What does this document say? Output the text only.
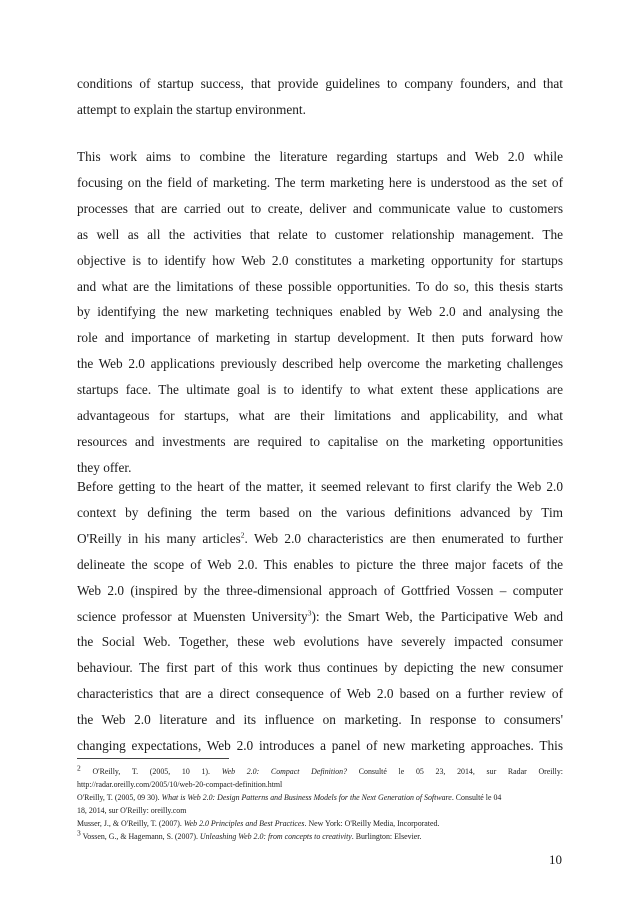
conditions of startup success, that provide guidelines to company founders, and that
attempt to explain the startup environment.
This work aims to combine the literature regarding startups and Web 2.0 while
focusing on the field of marketing. The term marketing here is understood as the set of
processes that are carried out to create, deliver and communicate value to customers
as well as all the activities that relate to customer relationship management. The
objective is to identify how Web 2.0 constitutes a marketing opportunity for startups
and what are the limitations of these possible opportunities. To do so, this thesis starts
by identifying the new marketing techniques enabled by Web 2.0 and analysing the
role and importance of marketing in startup development. It then puts forward how
the Web 2.0 applications previously described help overcome the marketing challenges
startups face. The ultimate goal is to identify to what extent these applications are
advantageous for startups, what are their limitations and applicability, and what
resources and investments are required to capitalise on the marketing opportunities
they offer.
Before getting to the heart of the matter, it seemed relevant to first clarify the Web 2.0
context by defining the term based on the various definitions advanced by Tim
O'Reilly in his many articles$^2$. Web 2.0 characteristics are then enumerated to further
delineate the scope of Web 2.0. This enables to picture the three major facets of the
Web 2.0 (inspired by the three-dimensional approach of Gottfried Vossen – computer
science professor at Muensten University$^3$): the Smart Web, the Participative Web and
the Social Web. Together, these web evolutions have severely impacted consumer
behaviour. The first part of this work thus continues by depicting the new consumer
characteristics that are a direct consequence of Web 2.0 based on a further review of
the Web 2.0 literature and its influence on marketing. In response to consumers'
changing expectations, Web 2.0 introduces a panel of new marketing approaches. This
$^2$ O'Reilly, T. (2005, 10 1). Web 2.0: Compact Definition? Consulté le 05 23, 2014, sur Radar Oreilly:
http://radar.oreilly.com/2005/10/web-20-compact-definition.html
O'Reilly, T. (2005, 09 30). What is Web 2.0: Design Patterns and Business Models for the Next Generation of Software. Consulté le 04
18, 2014, sur O'Reilly: oreilly.com
Musser, J., & O'Reilly, T. (2007). Web 2.0 Principles and Best Practices. New York: O'Reilly Media, Incorporated.
$^3$ Vossen, G., & Hagemann, S. (2007). Unleashing Web 2.0: from concepts to creativity. Burlington: Elsevier.
10
